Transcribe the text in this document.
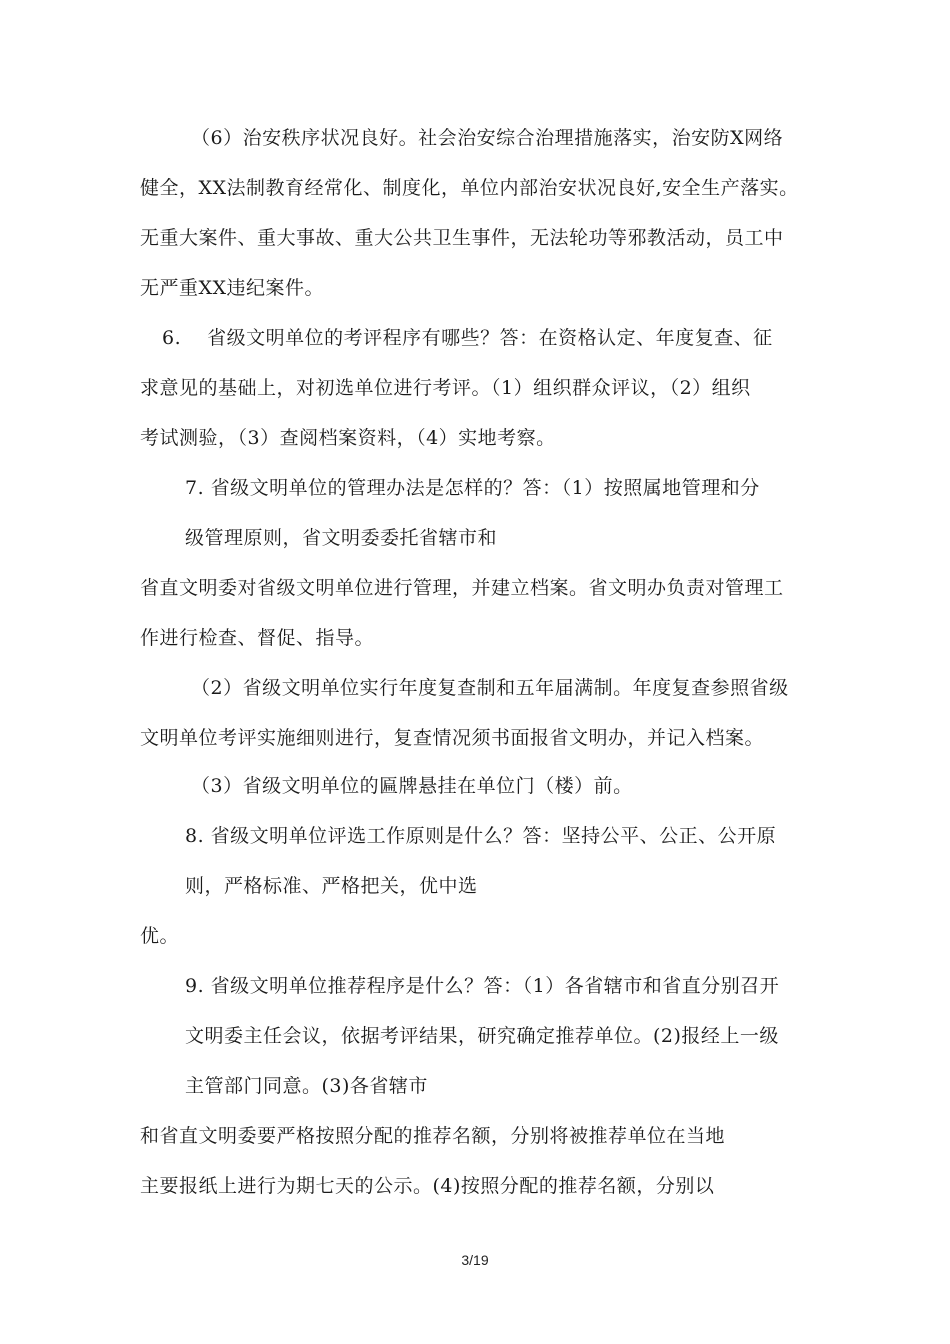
（6）治安秩序状况良好。社会治安综合治理措施落实，治安防X网络
健全，XX法制教育经常化、制度化，单位内部治安状况良好,安全生产落实。
无重大案件、重大事故、重大公共卫生事件，无法轮功等邪教活动，员工中
无严重XX违纪案件。
6.　 省级文明单位的考评程序有哪些？答：在资格认定、年度复查、征
求意见的基础上，对初选单位进行考评。（1）组织群众评议，（2）组织
考试测验，（3）查阅档案资料，（4）实地考察。
7. 省级文明单位的管理办法是怎样的？答：（1）按照属地管理和分
级管理原则，省文明委委托省辖市和
省直文明委对省级文明单位进行管理，并建立档案。省文明办负责对管理工
作进行检查、督促、指导。
（2）省级文明单位实行年度复查制和五年届满制。年度复查参照省级
文明单位考评实施细则进行，复查情况须书面报省文明办，并记入档案。
（3）省级文明单位的匾牌悬挂在单位门（楼）前。
8. 省级文明单位评选工作原则是什么？答：坚持公平、公正、公开原
则，严格标准、严格把关，优中选
优。
9. 省级文明单位推荐程序是什么？答：（1）各省辖市和省直分别召开
文明委主任会议，依据考评结果，研究确定推荐单位。(2)报经上一级
主管部门同意。(3)各省辖市
和省直文明委要严格按照分配的推荐名额，分别将被推荐单位在当地
主要报纸上进行为期七天的公示。(4)按照分配的推荐名额，分别以
3/19
